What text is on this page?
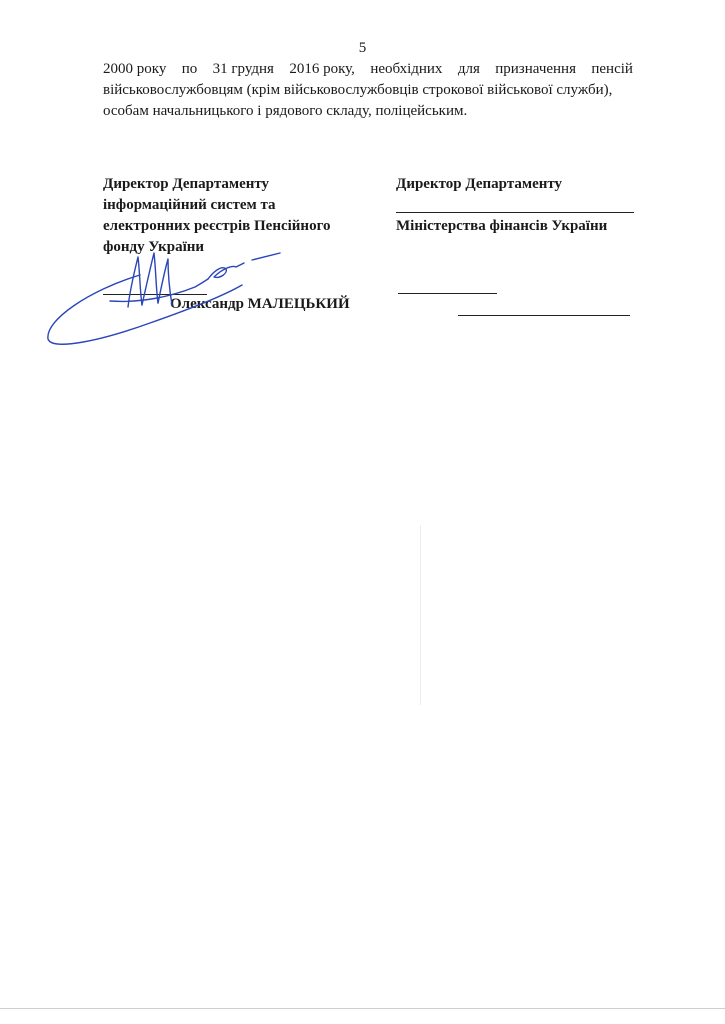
5
2000 року по 31 грудня 2016 року, необхідних для призначення пенсій
військовослужбовцям (крім військовослужбовців строкової військової служби),
особам начальницького і рядового складу, поліцейським.
Директор Департаменту
інформаційний систем та
електронних реєстрів Пенсійного
фонду України
Олександр МАЛЕЦЬКИЙ
Директор Департаменту

Міністерства фінансів України
